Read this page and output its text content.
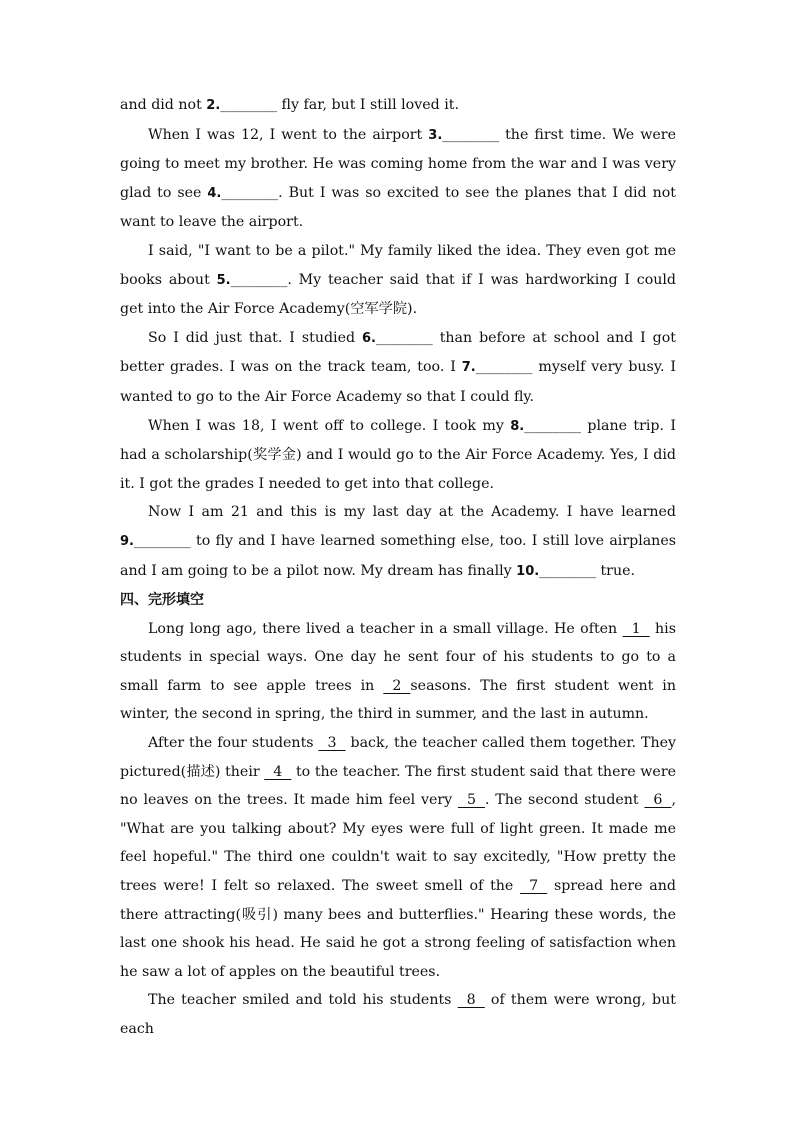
and did not 2.________ fly far, but I still loved it.

When I was 12, I went to the airport 3.________ the first time. We were going to meet my brother. He was coming home from the war and I was very glad to see 4.________. But I was so excited to see the planes that I did not want to leave the airport.

I said, "I want to be a pilot." My family liked the idea. They even got me books about 5.________. My teacher said that if I was hardworking I could get into the Air Force Academy(空军学院).

So I did just that. I studied 6.________ than before at school and I got better grades. I was on the track team, too. I 7.________ myself very busy. I wanted to go to the Air Force Academy so that I could fly.

When I was 18, I went off to college. I took my 8.________ plane trip. I had a scholarship(奖学金) and I would go to the Air Force Academy. Yes, I did it. I got the grades I needed to get into that college.

Now I am 21 and this is my last day at the Academy. I have learned 9.________ to fly and I have learned something else, too. I still love airplanes and I am going to be a pilot now. My dream has finally 10.________ true.

四、完形填空

Long long ago, there lived a teacher in a small village. He often   1   his students in special ways. One day he sent four of his students to go to a small farm to see apple trees in   2  seasons. The first student went in winter, the second in spring, the third in summer, and the last in autumn.

After the four students   3   back, the teacher called them together. They pictured(描述) their   4   to the teacher. The first student said that there were no leaves on the trees. It made him feel very   5  . The second student   6  , "What are you talking about? My eyes were full of light green. It made me feel hopeful." The third one couldn't wait to say excitedly, "How pretty the trees were! I felt so relaxed. The sweet smell of the   7   spread here and there attracting(吸引) many bees and butterflies." Hearing these words, the last one shook his head. He said he got a strong feeling of satisfaction when he saw a lot of apples on the beautiful trees.

The teacher smiled and told his students   8   of them were wrong, but each
